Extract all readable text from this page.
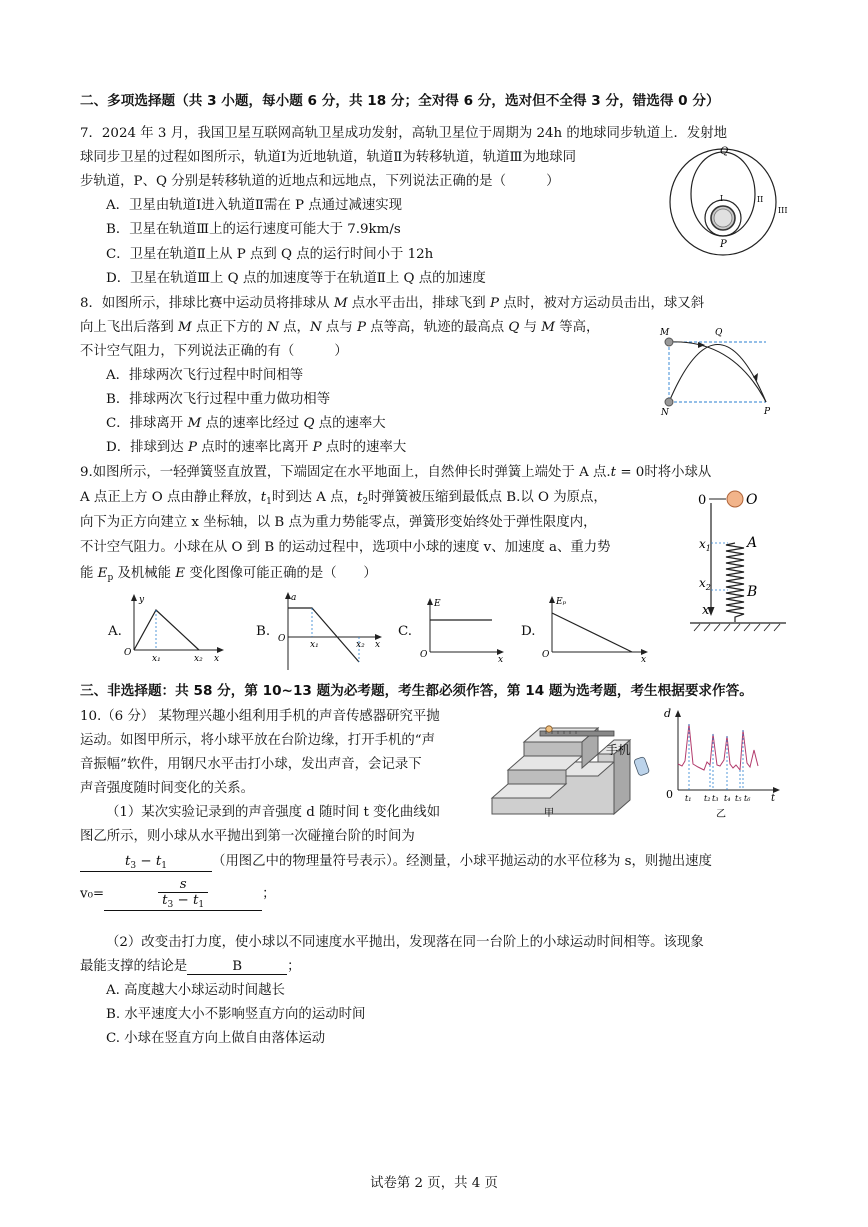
二、多项选择题（共 3 小题，每小题 6 分，共 18 分；全对得 6 分，选对但不全得 3 分，错选得 0 分）
7．2024 年 3 月，我国卫星互联网高轨卫星成功发射，高轨卫星位于周期为 24h 的地球同步轨道上．发射地
球同步卫星的过程如图所示，轨道Ⅰ为近地轨道，轨道Ⅱ为转移轨道，轨道Ⅲ为地球同
步轨道，P、Q 分别是转移轨道的近地点和远地点，下列说法正确的是（　　　）
A．卫星由轨道Ⅰ进入轨道Ⅱ需在 P 点通过减速实现
B．卫星在轨道Ⅲ上的运行速度可能大于 7.9km/s
C．卫星在轨道Ⅱ上从 P 点到 Q 点的运行时间小于 12h
D．卫星在轨道Ⅲ上 Q 点的加速度等于在轨道Ⅱ上 Q 点的加速度
Q
P
I	II
III
8．如图所示，排球比赛中运动员将排球从 M 点水平击出，排球飞到 P 点时，被对方运动员击出，球又斜
向上飞出后落到 M 点正下方的 N 点，N 点与 P 点等高，轨迹的最高点 Q 与 M 等高，
不计空气阻力，下列说法正确的有（　　　）
A．排球两次飞行过程中时间相等
B．排球两次飞行过程中重力做功相等
C．排球离开 M 点的速率比经过 Q 点的速率大
D．排球到达 P 点时的速率比离开 P 点时的速率大
M
N
Q
P
9.如图所示，一轻弹簧竖直放置，下端固定在水平地面上，自然伸长时弹簧上端处于 A 点.t = 0时将小球从
A 点正上方 O 点由静止释放，$t_1$时到达 A 点，$t_2$时弹簧被压缩到最低点 B.以 O 为原点，
向下为正方向建立 x 坐标轴，以 B 点为重力势能零点，弹簧形变始终处于弹性限度内，
不计空气阻力。小球在从 O 到 B 的运动过程中，选项中小球的速度 v、加速度 a、重力势
能 $E_p$ 及机械能 E 变化图像可能正确的是（　　）
0	O
$x_1$
$x_2$
x
A
B
A.
y
O
x₁	x₂ x
B.
a
O
x₁	x₂ x
C.
E
O	x
D.
Eₚ
O	x
三、非选择题：共 58 分，第 10~13 题为必考题，考生都必须作答，第 14 题为选考题，考生根据要求作答。
10.（6 分） 某物理兴趣小组利用手机的声音传感器研究平抛
运动。如图甲所示，将小球平放在台阶边缘，打开手机的“声
音振幅”软件，用钢尺水平击打小球，发出声音，会记录下
声音强度随时间变化的关系。
（1）某次实验记录到的声音强度 d 随时间 t 变化曲线如
图乙所示，则小球从水平抛出到第一次碰撞台阶的时间为
$t_3 - t_1$	（用图乙中的物理量符号表示）。经测量，小球平抛运动的水平位移为 s，则抛出速度
v₀=	$\frac{s}{t_3 - t_1}$	；
（2）改变击打力度，使小球以不同速度水平抛出，发现落在同一台阶上的小球运动时间相等。该现象
最能支撑的结论是	B	；
A. 高度越大小球运动时间越长
B. 水平速度大小不影响竖直方向的运动时间
C. 小球在竖直方向上做自由落体运动
手机
甲
d
0 t₁ t₂ t₃ t₄ t₅ t₆ t
乙
试卷第 2 页，共 4 页
